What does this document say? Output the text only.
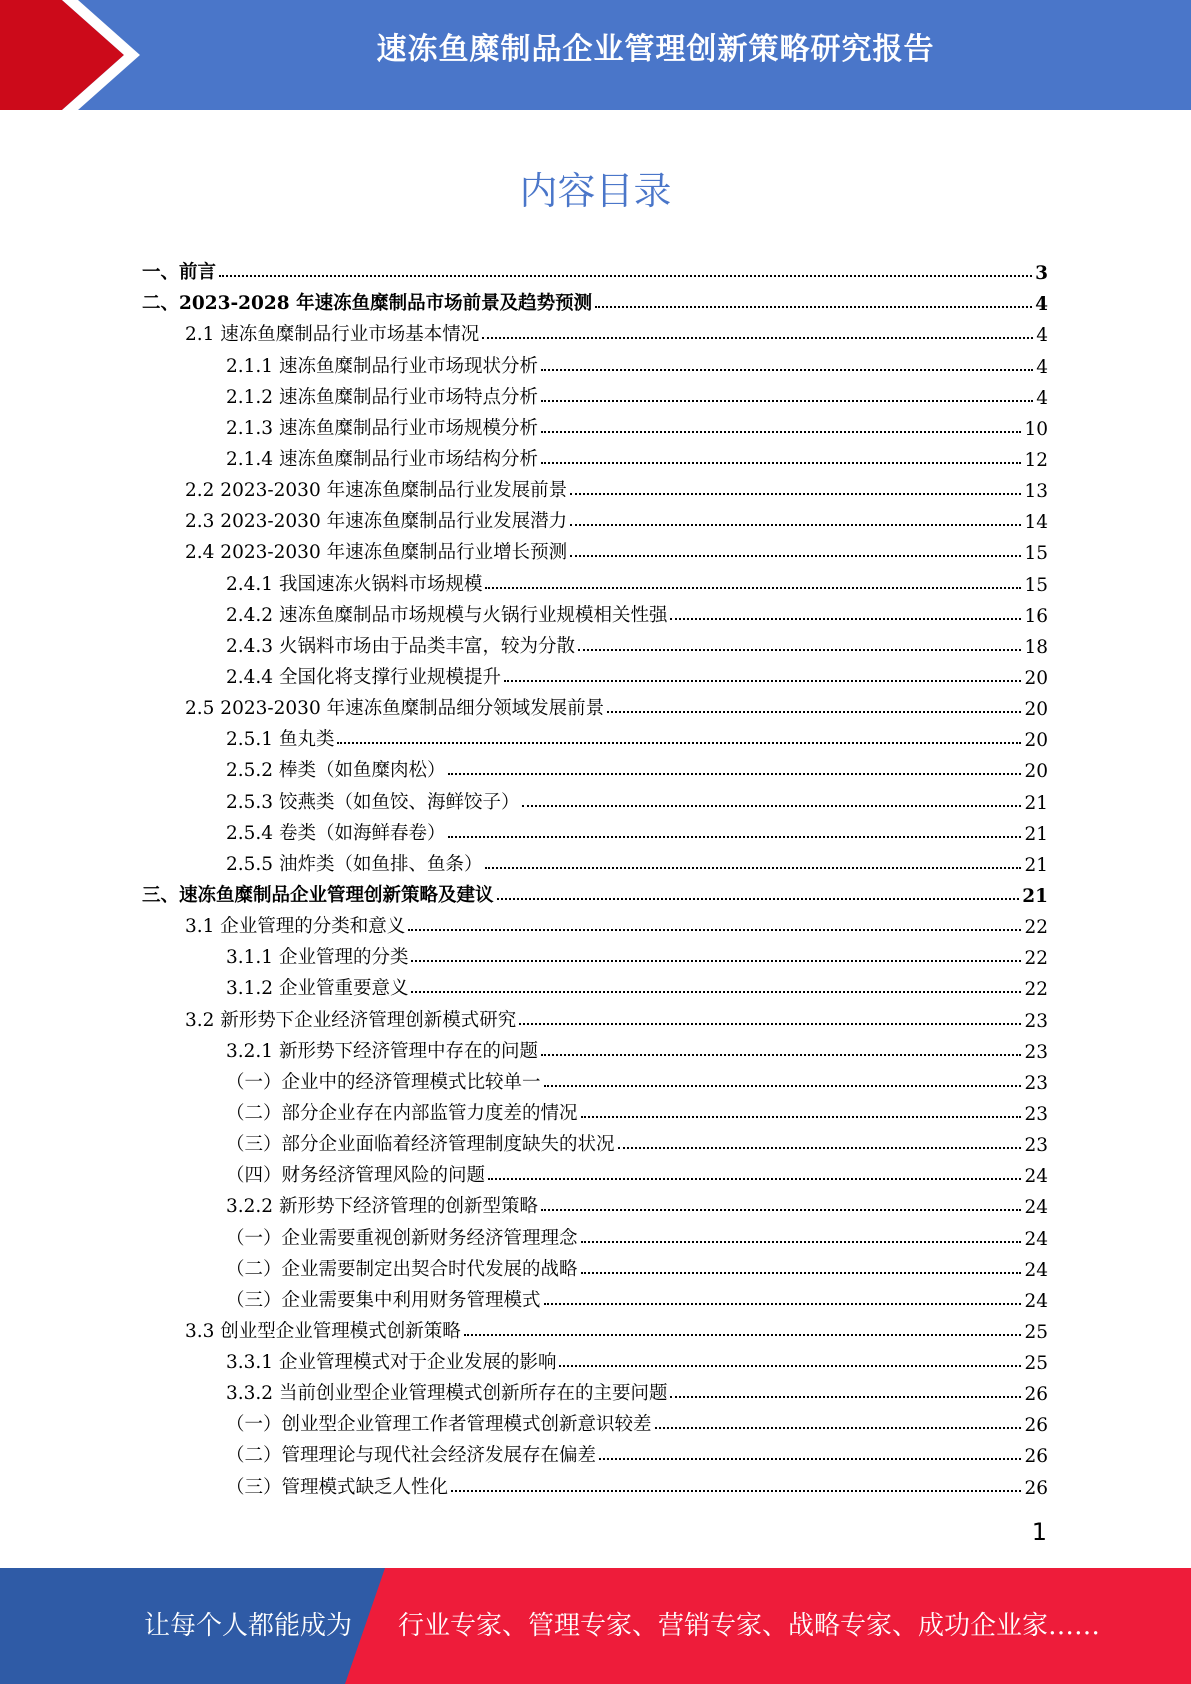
速冻鱼糜制品企业管理创新策略研究报告
内容目录
一、前言	3
二、2023-2028 年速冻鱼糜制品市场前景及趋势预测	4
2.1 速冻鱼糜制品行业市场基本情况	4
2.1.1 速冻鱼糜制品行业市场现状分析	4
2.1.2 速冻鱼糜制品行业市场特点分析	4
2.1.3 速冻鱼糜制品行业市场规模分析	10
2.1.4 速冻鱼糜制品行业市场结构分析	12
2.2 2023-2030 年速冻鱼糜制品行业发展前景	13
2.3 2023-2030 年速冻鱼糜制品行业发展潜力	14
2.4 2023-2030 年速冻鱼糜制品行业增长预测	15
2.4.1 我国速冻火锅料市场规模	15
2.4.2 速冻鱼糜制品市场规模与火锅行业规模相关性强	16
2.4.3 火锅料市场由于品类丰富，较为分散	18
2.4.4 全国化将支撑行业规模提升	20
2.5 2023-2030 年速冻鱼糜制品细分领域发展前景	20
2.5.1 鱼丸类	20
2.5.2 棒类（如鱼糜肉松）	20
2.5.3 饺燕类（如鱼饺、海鲜饺子）	21
2.5.4 卷类（如海鲜春卷）	21
2.5.5 油炸类（如鱼排、鱼条）	21
三、速冻鱼糜制品企业管理创新策略及建议	21
3.1 企业管理的分类和意义	22
3.1.1 企业管理的分类	22
3.1.2 企业管重要意义	22
3.2 新形势下企业经济管理创新模式研究	23
3.2.1 新形势下经济管理中存在的问题	23
（一）企业中的经济管理模式比较单一	23
（二）部分企业存在内部监管力度差的情况	23
（三）部分企业面临着经济管理制度缺失的状况	23
（四）财务经济管理风险的问题	24
3.2.2 新形势下经济管理的创新型策略	24
（一）企业需要重视创新财务经济管理理念	24
（二）企业需要制定出契合时代发展的战略	24
（三）企业需要集中利用财务管理模式	24
3.3 创业型企业管理模式创新策略	25
3.3.1 企业管理模式对于企业发展的影响	25
3.3.2 当前创业型企业管理模式创新所存在的主要问题	26
（一）创业型企业管理工作者管理模式创新意识较差	26
（二）管理理论与现代社会经济发展存在偏差	26
（三）管理模式缺乏人性化	26
1
让每个人都能成为 行业专家、管理专家、营销专家、战略专家、成功企业家……
